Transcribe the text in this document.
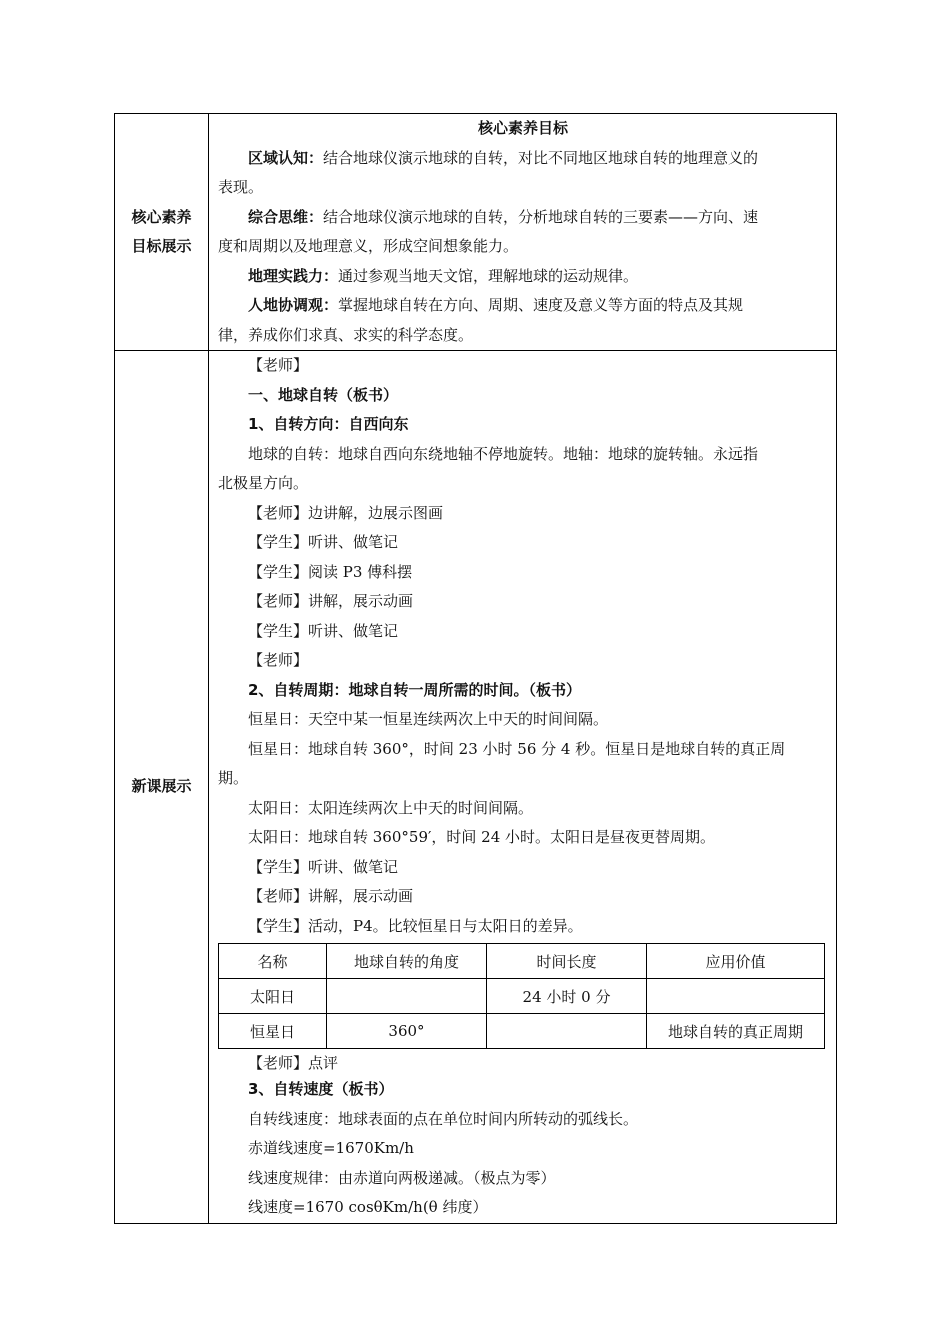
核心素养
目标展示

核心素养目标
区域认知：结合地球仪演示地球的自转，对比不同地区地球自转的地理意义的
表现。
综合思维：结合地球仪演示地球的自转，分析地球自转的三要素——方向、速
度和周期以及地理意义，形成空间想象能力。
地理实践力：通过参观当地天文馆，理解地球的运动规律。
人地协调观：掌握地球自转在方向、周期、速度及意义等方面的特点及其规
律，养成你们求真、求实的科学态度。

新课展示

【老师】
一、地球自转（板书）
1、自转方向：自西向东
地球的自转：地球自西向东绕地轴不停地旋转。地轴：地球的旋转轴。永远指
北极星方向。
【老师】边讲解，边展示图画
【学生】听讲、做笔记
【学生】阅读 P3 傅科摆
【老师】讲解，展示动画
【学生】听讲、做笔记
【老师】
2、自转周期：地球自转一周所需的时间。（板书）
恒星日：天空中某一恒星连续两次上中天的时间间隔。
恒星日：地球自转 360°，时间 23 小时 56 分 4 秒。恒星日是地球自转的真正周
期。
太阳日：太阳连续两次上中天的时间间隔。
太阳日：地球自转 360°59′，时间 24 小时。太阳日是昼夜更替周期。
【学生】听讲、做笔记
【老师】讲解，展示动画
【学生】活动，P4。比较恒星日与太阳日的差异。
名称	地球自转的角度	时间长度	应用价值
太阳日		24 小时 0 分	
恒星日	360°		地球自转的真正周期
【老师】点评
3、自转速度（板书）
自转线速度：地球表面的点在单位时间内所转动的弧线长。
赤道线速度=1670Km/h
线速度规律：由赤道向两极递减。（极点为零）
线速度=1670 cosθKm/h(θ 纬度）
